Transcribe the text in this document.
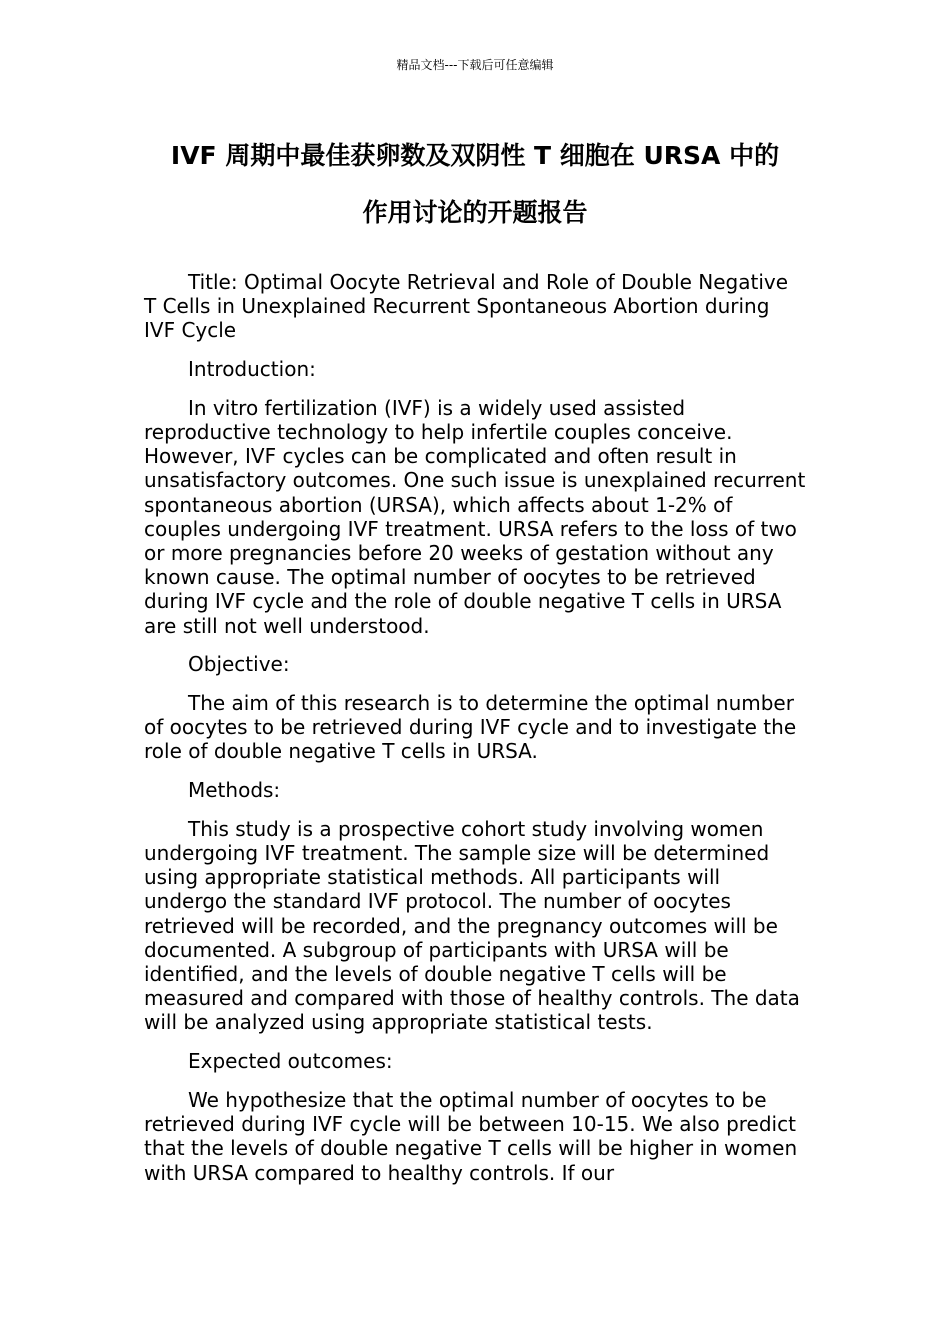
精品文档---下载后可任意编辑
IVF 周期中最佳获卵数及双阴性 T 细胞在 URSA 中的
作用讨论的开题报告

Title: Optimal Oocyte Retrieval and Role of Double Negative T Cells in Unexplained Recurrent Spontaneous Abortion during IVF Cycle

Introduction:

In vitro fertilization (IVF) is a widely used assisted reproductive technology to help infertile couples conceive. However, IVF cycles can be complicated and often result in unsatisfactory outcomes. One such issue is unexplained recurrent spontaneous abortion (URSA), which affects about 1-2% of couples undergoing IVF treatment. URSA refers to the loss of two or more pregnancies before 20 weeks of gestation without any known cause. The optimal number of oocytes to be retrieved during IVF cycle and the role of double negative T cells in URSA are still not well understood.

Objective:

The aim of this research is to determine the optimal number of oocytes to be retrieved during IVF cycle and to investigate the role of double negative T cells in URSA.

Methods:

This study is a prospective cohort study involving women undergoing IVF treatment. The sample size will be determined using appropriate statistical methods. All participants will undergo the standard IVF protocol. The number of oocytes retrieved will be recorded, and the pregnancy outcomes will be documented. A subgroup of participants with URSA will be identified, and the levels of double negative T cells will be measured and compared with those of healthy controls. The data will be analyzed using appropriate statistical tests.

Expected outcomes:

We hypothesize that the optimal number of oocytes to be retrieved during IVF cycle will be between 10-15. We also predict that the levels of double negative T cells will be higher in women with URSA compared to healthy controls. If our
